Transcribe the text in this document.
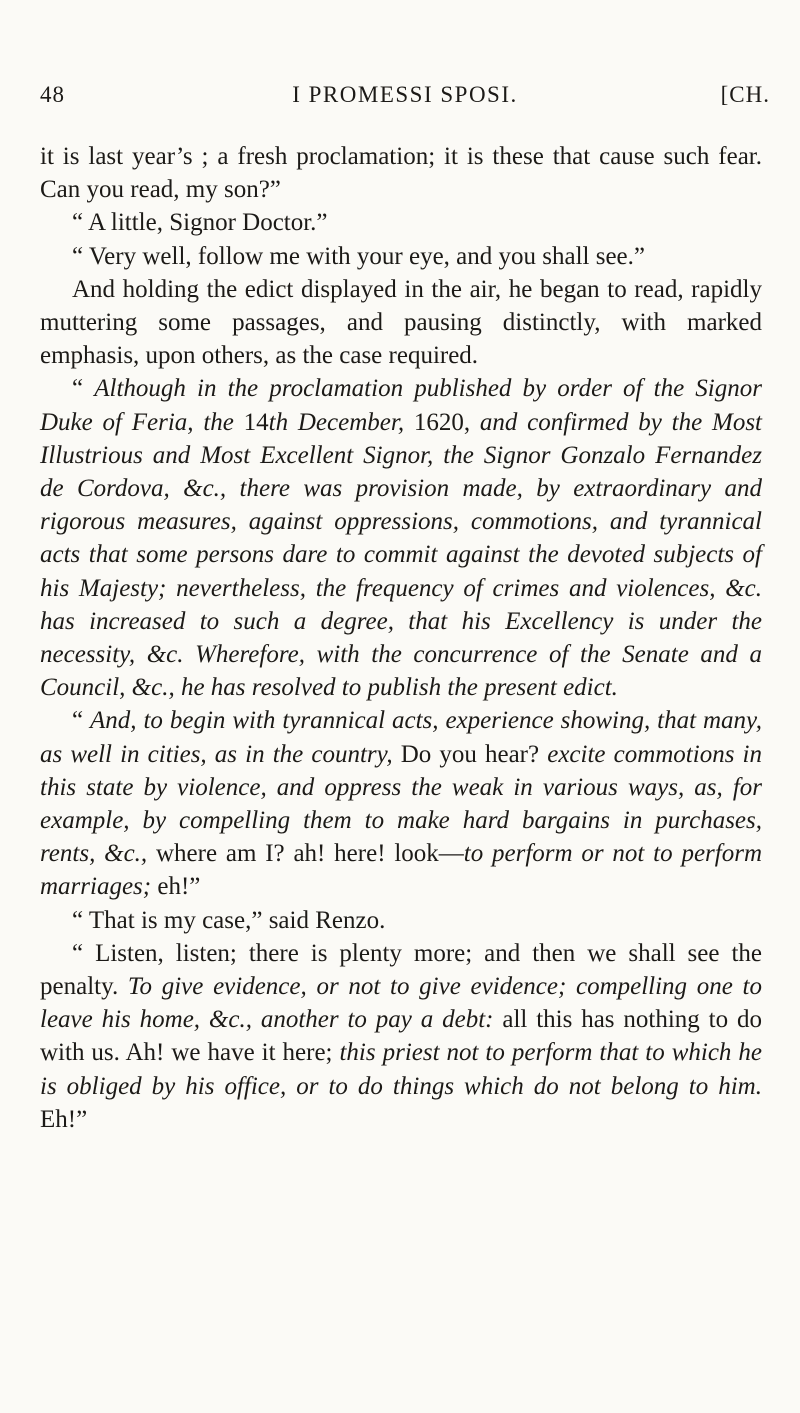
48	I PROMESSI SPOSI.	[CH.

it is last year’s ; a fresh proclamation; it is these that cause such fear. Can you read, my son?”

“ A little, Signor Doctor.”

“ Very well, follow me with your eye, and you shall see.”

And holding the edict displayed in the air, he began to read, rapidly muttering some passages, and pausing distinctly, with marked emphasis, upon others, as the case required.

“ Although in the proclamation published by order of the Signor Duke of Feria, the 14th December, 1620, and confirmed by the Most Illustrious and Most Excellent Signor, the Signor Gonzalo Fernandez de Cordova, &c., there was provision made, by extraordinary and rigorous measures, against oppressions, commotions, and tyrannical acts that some persons dare to commit against the devoted subjects of his Majesty; nevertheless, the frequency of crimes and violences, &c. has increased to such a degree, that his Excellency is under the necessity, &c. Wherefore, with the concurrence of the Senate and a Council, &c., he has resolved to publish the present edict.

“ And, to begin with tyrannical acts, experience showing, that many, as well in cities, as in the country, Do you hear? excite commotions in this state by violence, and oppress the weak in various ways, as, for example, by compelling them to make hard bargains in purchases, rents, &c., where am I? ah! here! look—to perform or not to perform marriages; eh!”

“ That is my case,” said Renzo.

“ Listen, listen; there is plenty more; and then we shall see the penalty. To give evidence, or not to give evidence; compelling one to leave his home, &c., another to pay a debt: all this has nothing to do with us. Ah! we have it here; this priest not to perform that to which he is obliged by his office, or to do things which do not belong to him. Eh!”
